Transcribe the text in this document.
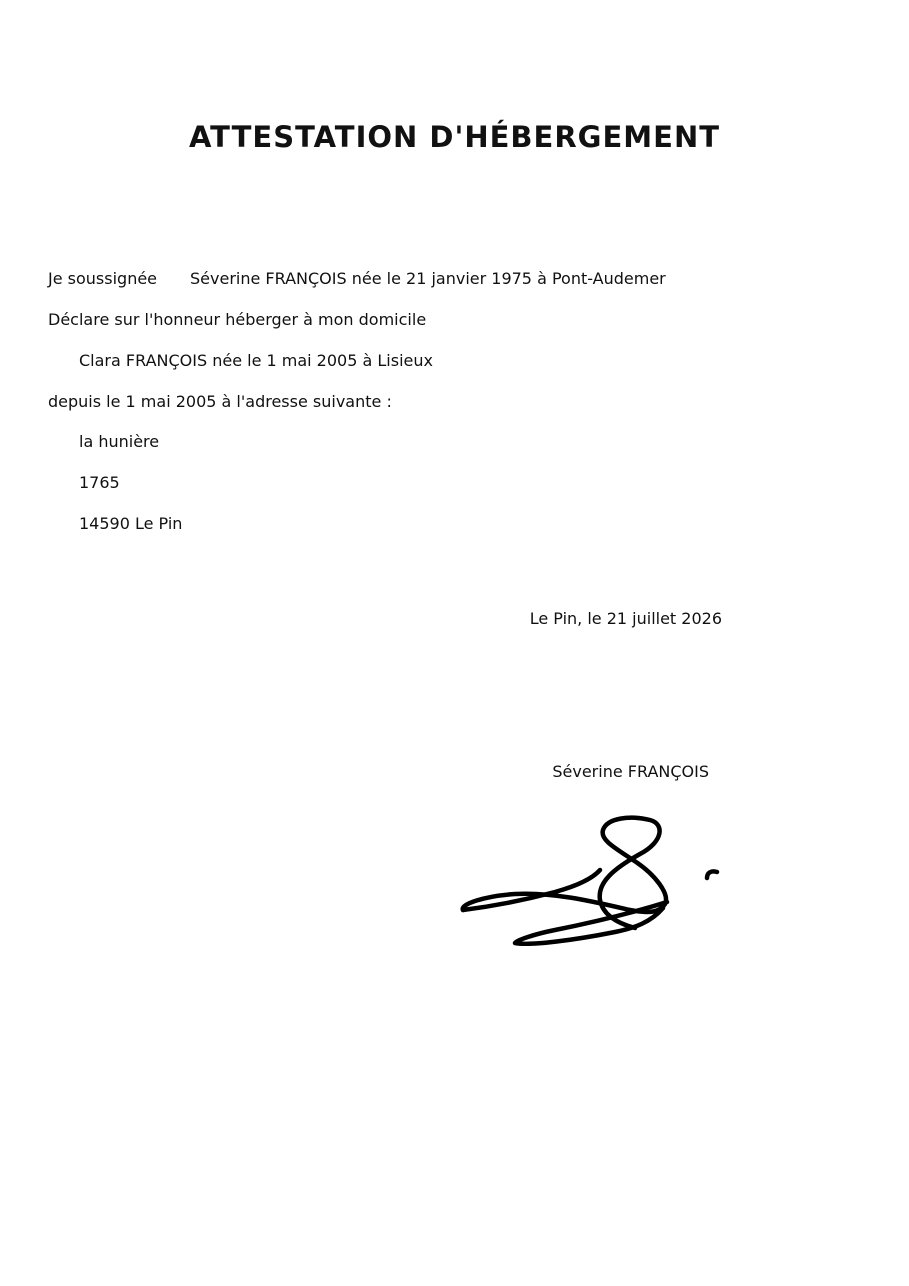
ATTESTATION D'HÉBERGEMENT
Je soussignée Séverine FRANÇOIS née le 21 janvier 1975 à Pont-Audemer
Déclare sur l'honneur héberger à mon domicile
Clara FRANÇOIS née le 1 mai 2005 à Lisieux
depuis le 1 mai 2005 à l'adresse suivante :
la hunière
1765
14590 Le Pin
Le Pin, le 21 juillet 2026
Séverine FRANÇOIS
